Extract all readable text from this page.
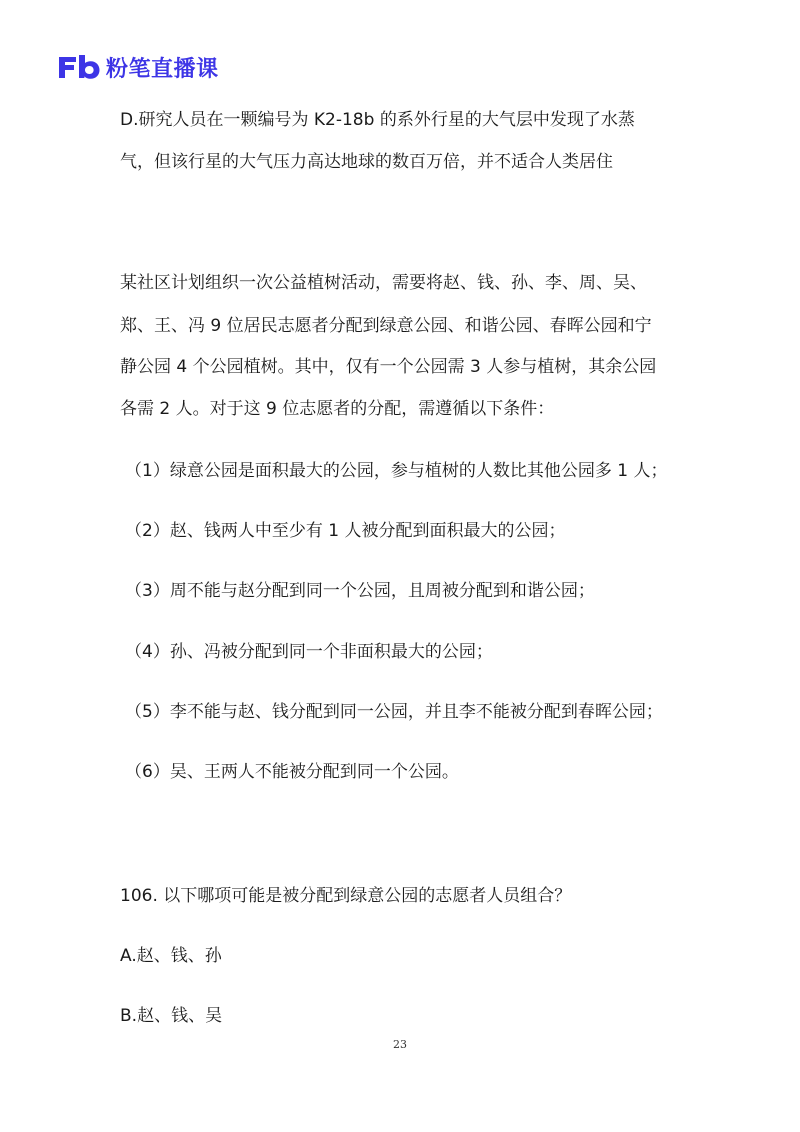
粉笔直播课

D.研究人员在一颗编号为 K2-18b 的系外行星的大气层中发现了水蒸

气，但该行星的大气压力高达地球的数百万倍，并不适合人类居住

某社区计划组织一次公益植树活动，需要将赵、钱、孙、李、周、吴、

郑、王、冯 9 位居民志愿者分配到绿意公园、和谐公园、春晖公园和宁

静公园 4 个公园植树。其中，仅有一个公园需 3 人参与植树，其余公园

各需 2 人。对于这 9 位志愿者的分配，需遵循以下条件：

（1）绿意公园是面积最大的公园，参与植树的人数比其他公园多 1 人；

（2）赵、钱两人中至少有 1 人被分配到面积最大的公园；

（3）周不能与赵分配到同一个公园，且周被分配到和谐公园；

（4）孙、冯被分配到同一个非面积最大的公园；

（5）李不能与赵、钱分配到同一公园，并且李不能被分配到春晖公园；

（6）吴、王两人不能被分配到同一个公园。

106. 以下哪项可能是被分配到绿意公园的志愿者人员组合？

A.赵、钱、孙

B.赵、钱、吴

23
